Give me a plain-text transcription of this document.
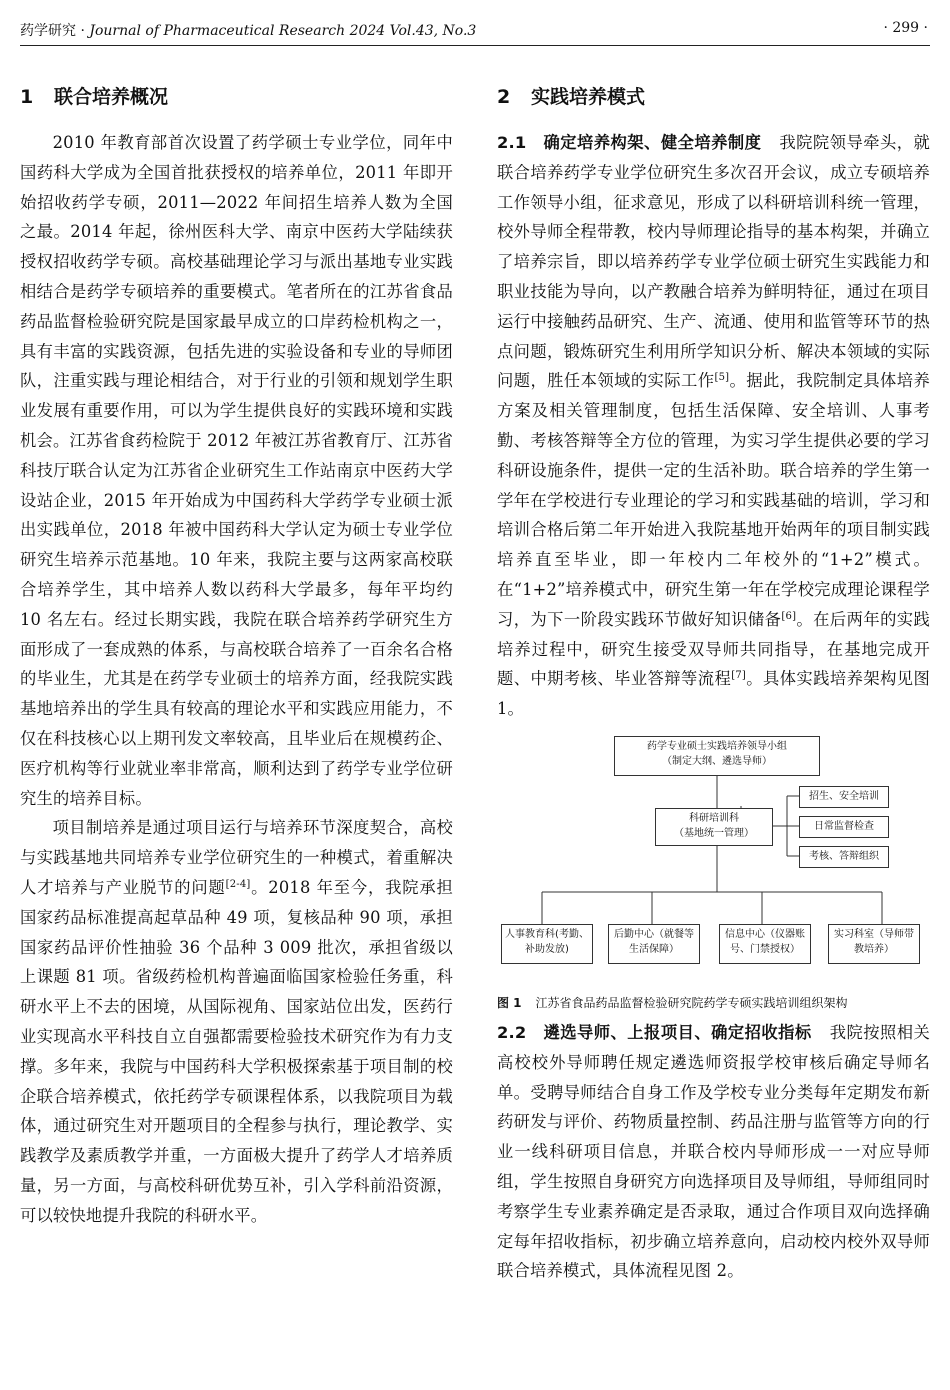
药学研究 · Journal of Pharmaceutical Research 2024 Vol.43, No.3	· 299 ·
1 联合培养概况

2010 年教育部首次设置了药学硕士专业学位，同年中国药科大学成为全国首批获授权的培养单位，2011 年即开始招收药学专硕，2011—2022 年间招生培养人数为全国之最。2014 年起，徐州医科大学、南京中医药大学陆续获授权招收药学专硕。高校基础理论学习与派出基地专业实践相结合是药学专硕培养的重要模式。笔者所在的江苏省食品药品监督检验研究院是国家最早成立的口岸药检机构之一，具有丰富的实践资源，包括先进的实验设备和专业的导师团队，注重实践与理论相结合，对于行业的引领和规划学生职业发展有重要作用，可以为学生提供良好的实践环境和实践机会。江苏省食药检院于 2012 年被江苏省教育厅、江苏省科技厅联合认定为江苏省企业研究生工作站南京中医药大学设站企业，2015 年开始成为中国药科大学药学专业硕士派出实践单位，2018 年被中国药科大学认定为硕士专业学位研究生培养示范基地。10 年来，我院主要与这两家高校联合培养学生，其中培养人数以药科大学最多，每年平均约 10 名左右。经过长期实践，我院在联合培养药学研究生方面形成了一套成熟的体系，与高校联合培养了一百余名合格的毕业生，尤其是在药学专业硕士的培养方面，经我院实践基地培养出的学生具有较高的理论水平和实践应用能力，不仅在科技核心以上期刊发文率较高，且毕业后在规模药企、医疗机构等行业就业率非常高，顺利达到了药学专业学位研究生的培养目标。

项目制培养是通过项目运行与培养环节深度契合，高校与实践基地共同培养专业学位研究生的一种模式，着重解决人才培养与产业脱节的问题[2-4]。2018 年至今，我院承担国家药品标准提高起草品种 49 项，复核品种 90 项，承担国家药品评价性抽验 36 个品种 3 009 批次，承担省级以上课题 81 项。省级药检机构普遍面临国家检验任务重，科研水平上不去的困境，从国际视角、国家站位出发，医药行业实现高水平科技自立自强都需要检验技术研究作为有力支撑。多年来，我院与中国药科大学积极探索基于项目制的校企联合培养模式，依托药学专硕课程体系，以我院项目为载体，通过研究生对开题项目的全程参与执行，理论教学、实践教学及素质教学并重，一方面极大提升了药学人才培养质量，另一方面，与高校科研优势互补，引入学科前沿资源，可以较快地提升我院的科研水平。

2 实践培养模式

2.1　确定培养构架、健全培养制度 我院院领导牵头，就联合培养药学专业学位研究生多次召开会议，成立专硕培养工作领导小组，征求意见，形成了以科研培训科统一管理，校外导师全程带教，校内导师理论指导的基本构架，并确立了培养宗旨，即以培养药学专业学位硕士研究生实践能力和职业技能为导向，以产教融合培养为鲜明特征，通过在项目运行中接触药品研究、生产、流通、使用和监管等环节的热点问题，锻炼研究生利用所学知识分析、解决本领域的实际问题，胜任本领域的实际工作[5]。据此，我院制定具体培养方案及相关管理制度，包括生活保障、安全培训、人事考勤、考核答辩等全方位的管理，为实习学生提供必要的学习科研设施条件，提供一定的生活补助。联合培养的学生第一学年在学校进行专业理论的学习和实践基础的培训，学习和培训合格后第二年开始进入我院基地开始两年的项目制实践培养直至毕业，即一年校内二年校外的“1+2”模式。在“1+2”培养模式中，研究生第一年在学校完成理论课程学习，为下一阶段实践环节做好知识储备[6]。在后两年的实践培养过程中，研究生接受双导师共同指导，在基地完成开题、中期考核、毕业答辩等流程[7]。具体实践培养架构见图 1。

药学专业硕士实践培养领导小组
（制定大纲、遴选导师）
科研培训科
（基地统一管理）
招生、安全培训
日常监督检查
考核、答辩组织
人事教育科(考勤、补助发放)
后勤中心（就餐等生活保障）
信息中心（仪器账号、门禁授权）
实习科室（导师带教培养）
图 1 江苏省食品药品监督检验研究院药学专硕实践培训组织架构

2.2　遴选导师、上报项目、确定招收指标 我院按照相关高校校外导师聘任规定遴选师资报学校审核后确定导师名单。受聘导师结合自身工作及学校专业分类每年定期发布新药研发与评价、药物质量控制、药品注册与监管等方向的行业一线科研项目信息，并联合校内导师形成一一对应导师组，学生按照自身研究方向选择项目及导师组，导师组同时考察学生专业素养确定是否录取，通过合作项目双向选择确定每年招收指标，初步确立培养意向，启动校内校外双导师联合培养模式，具体流程见图 2。
